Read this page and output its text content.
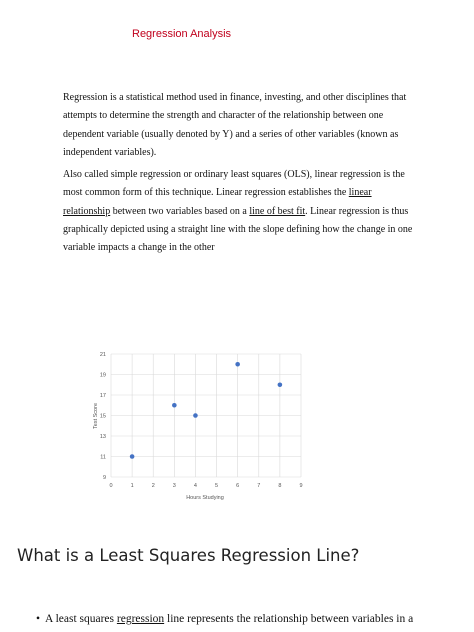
Regression Analysis

Regression is a statistical method used in finance, investing, and other disciplines that attempts to determine the strength and character of the relationship between one dependent variable (usually denoted by Y) and a series of other variables (known as independent variables).

Also called simple regression or ordinary least squares (OLS), linear regression is the most common form of this technique. Linear regression establishes the linear relationship between two variables based on a line of best fit. Linear regression is thus graphically depicted using a straight line with the slope defining how the change in one variable impacts a change in the other

0	1	2	3	4	5	6	7	8	9
9
11
13
15
17
19
21
Hours Studying
Test Score
What is a Least Squares Regression Line?
• A least squares regression line represents the relationship between variables in a
